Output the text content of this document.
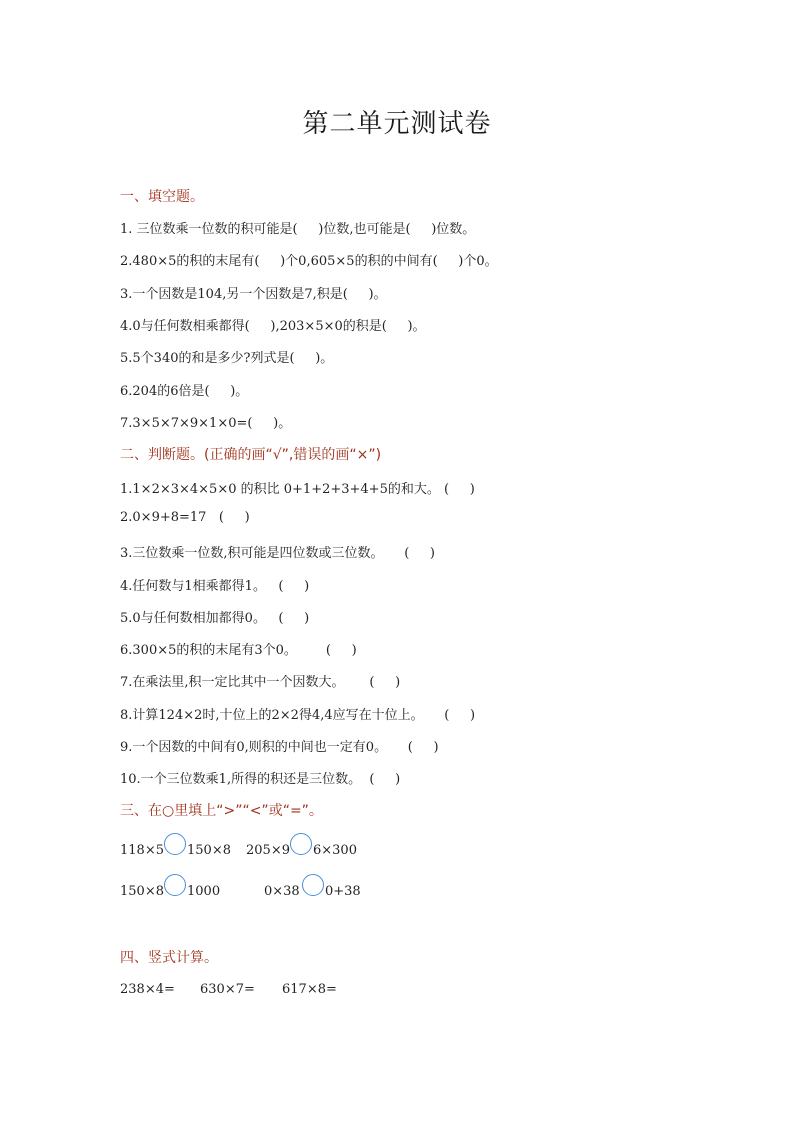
第二单元测试卷
一、填空题。
1. 三位数乘一位数的积可能是(     )位数,也可能是(     )位数。
2.480×5的积的末尾有(     )个0,605×5的积的中间有(     )个0。
3.一个因数是104,另一个因数是7,积是(     )。
4.0与任何数相乘都得(     ),203×5×0的积是(     )。
5.5个340的和是多少?列式是(     )。
6.204的6倍是(     )。
7.3×5×7×9×1×0=(     )。
二、判断题。(正确的画“√”,错误的画“×”)
1.1×2×3×4×5×0 的积比 0+1+2+3+4+5的和大。 (     )
2.0×9+8=17   (     )
3.三位数乘一位数,积可能是四位数或三位数。     (     )
4.任何数与1相乘都得1。   (     )
5.0与任何数相加都得0。   (     )
6.300×5的积的末尾有3个0。       (     )
7.在乘法里,积一定比其中一个因数大。      (     )
8.计算124×2时,十位上的2×2得4,4应写在十位上。     (     )
9.一个因数的中间有0,则积的中间也一定有0。     (     )
10.一个三位数乘1,所得的积还是三位数。  (     )
三、在○里填上“>”“<”或“=”。
118×5 150×8 205×9 6×300
150×8 1000	0×38 0+38
四、竖式计算。
238×4= 630×7= 617×8=
